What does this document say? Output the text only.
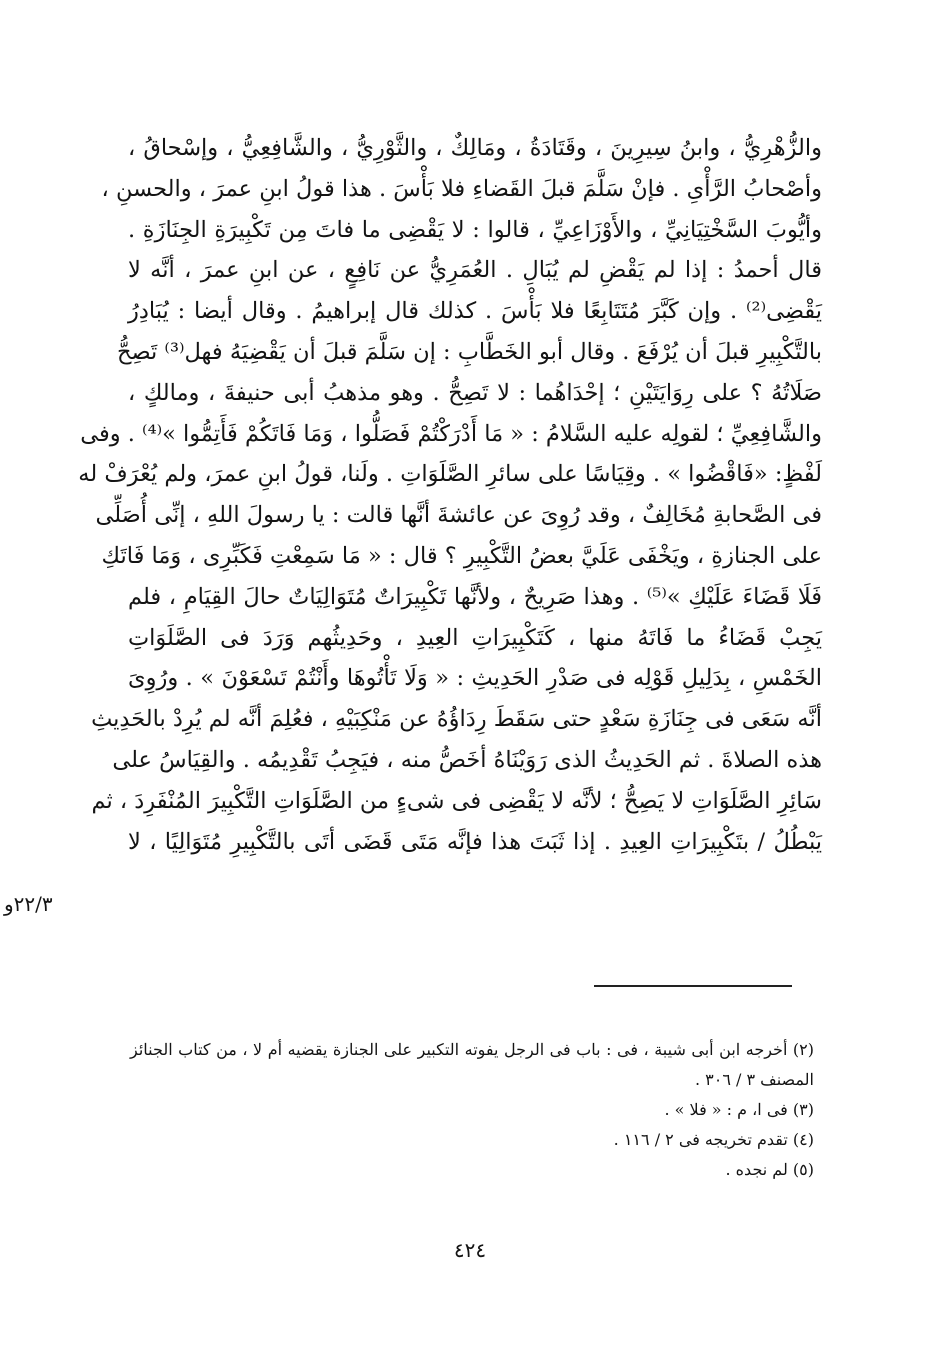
والزُّهْرِيُّ ، وابنُ سِيرِينَ ، وقَتَادَةُ ، ومَالِكٌ ، والثَّوْرِيُّ ، والشَّافِعِيُّ ، وإسْحاقُ ،
وأصْحابُ الرَّأْىِ . فإنْ سَلَّمَ قبلَ القَضاءِ فلا بَأْسَ . هذا قولُ ابنِ عمرَ ، والحسنِ ،
وأيُّوبَ السَّخْتِيَانِيِّ ، والأَوْزَاعِيِّ ، قالوا : لا يَقْضِى ما فاتَ مِن تَكْبِيرَةِ الجِنَازَةِ .
قال أحمدُ : إذا لم يَقْضِ لم يُبَالِ . العُمَرِيُّ عن نَافِعٍ ، عن ابنِ عمرَ ، أنَّه لا
يَقْضِى⁽²⁾ . وإن كَبَّرَ مُتَتَابِعًا فلا بَأْسَ . كذلك قال إبراهيمُ . وقال أيضا : يُبَادِرُ
بالتَّكْبِيرِ قبلَ أن يُرْفَعَ . وقال أبو الخَطَّابِ : إن سَلَّمَ قبلَ أن يَقْضِيَهُ فهل⁽³⁾ تَصِحُّ
صَلَاتُهُ ؟ على رِوَايَتَيْنِ ؛ إحْدَاهُما : لا تَصِحُّ . وهو مذهبُ أبى حنيفةَ ، ومالكٍ ،
والشَّافِعِيِّ ؛ لقولِه عليه السَّلامُ : « مَا أَدْرَكْتُمْ فَصَلُّوا ، وَمَا فَاتَكُمْ فَأَتِمُّوا »⁽⁴⁾ . وفى
لَفْظٍ: «فَاقْضُوا » . وقِيَاسًا على سائرِ الصَّلَوَاتِ . ولَنا، قولُ ابنِ عمرَ، ولم يُعْرَفْ له
فى الصَّحابةِ مُخَالِفٌ ، وقد رُوِىَ عن عائشةَ أنَّها قالت : يا رسولَ اللهِ ، إنِّى أُصَلِّى
على الجنازةِ ، ويَخْفَى عَلَيَّ بعضُ التَّكْبِيرِ ؟ قال : « مَا سَمِعْتِ فَكَبِّرِى ، وَمَا فَاتَكِ
فَلَا قَضَاءَ عَلَيْكِ »⁽⁵⁾ . وهذا صَرِيحٌ ، ولأنَّها تَكْبِيرَاتٌ مُتَوَالِيَاتٌ حالَ القِيَامِ ، فلم
يَجِبْ قَضَاءُ ما فَاتَهُ منها ، كَتَكْبِيرَاتِ العِيدِ ، وحَدِيثُهم وَرَدَ فى الصَّلَوَاتِ
الخَمْسِ ، بِدَلِيلِ قَوْلِه فى صَدْرِ الحَدِيثِ : « وَلَا تَأْتُوهَا وأَنْتُمْ تَسْعَوْنَ » . ورُوِىَ
أنَّه سَعَى فى جِنَازَةِ سَعْدٍ حتى سَقَطَ رِدَاؤُهُ عن مَنْكِبَيْهِ ، فعُلِمَ أنَّه لم يُرِدْ بالحَدِيثِ
هذه الصلاةَ . ثم الحَدِيثُ الذى رَوَيْنَاهُ أخَصُّ منه ، فيَجِبُ تَقْدِيمُه . والقِيَاسُ على
سَائِرِ الصَّلَوَاتِ لا يَصِحُّ ؛ لأنَّه لا يَقْضِى فى شىءٍ من الصَّلَوَاتِ التَّكْبِيرَ المُنْفَرِدَ ، ثم
يَبْطُلُ / بتَكْبِيرَاتِ العِيدِ . إذا ثَبَتَ هذا فإنَّه مَتَى قَضَى أتَى بالتَّكْبِيرِ مُتَوَالِيًا ، لا
٢٢/٣و
(٢) أخرجه ابن أبى شيبة ، فى : باب فى الرجل يفوته التكبير على الجنازة يقضيه أم لا ، من كتاب الجنائز
المصنف ٣ / ٣٠٦ .
(٣) فى ا، م : « فلا » .
(٤) تقدم تخريجه فى ٢ / ١١٦ .
(٥) لم نجده .
٤٢٤
